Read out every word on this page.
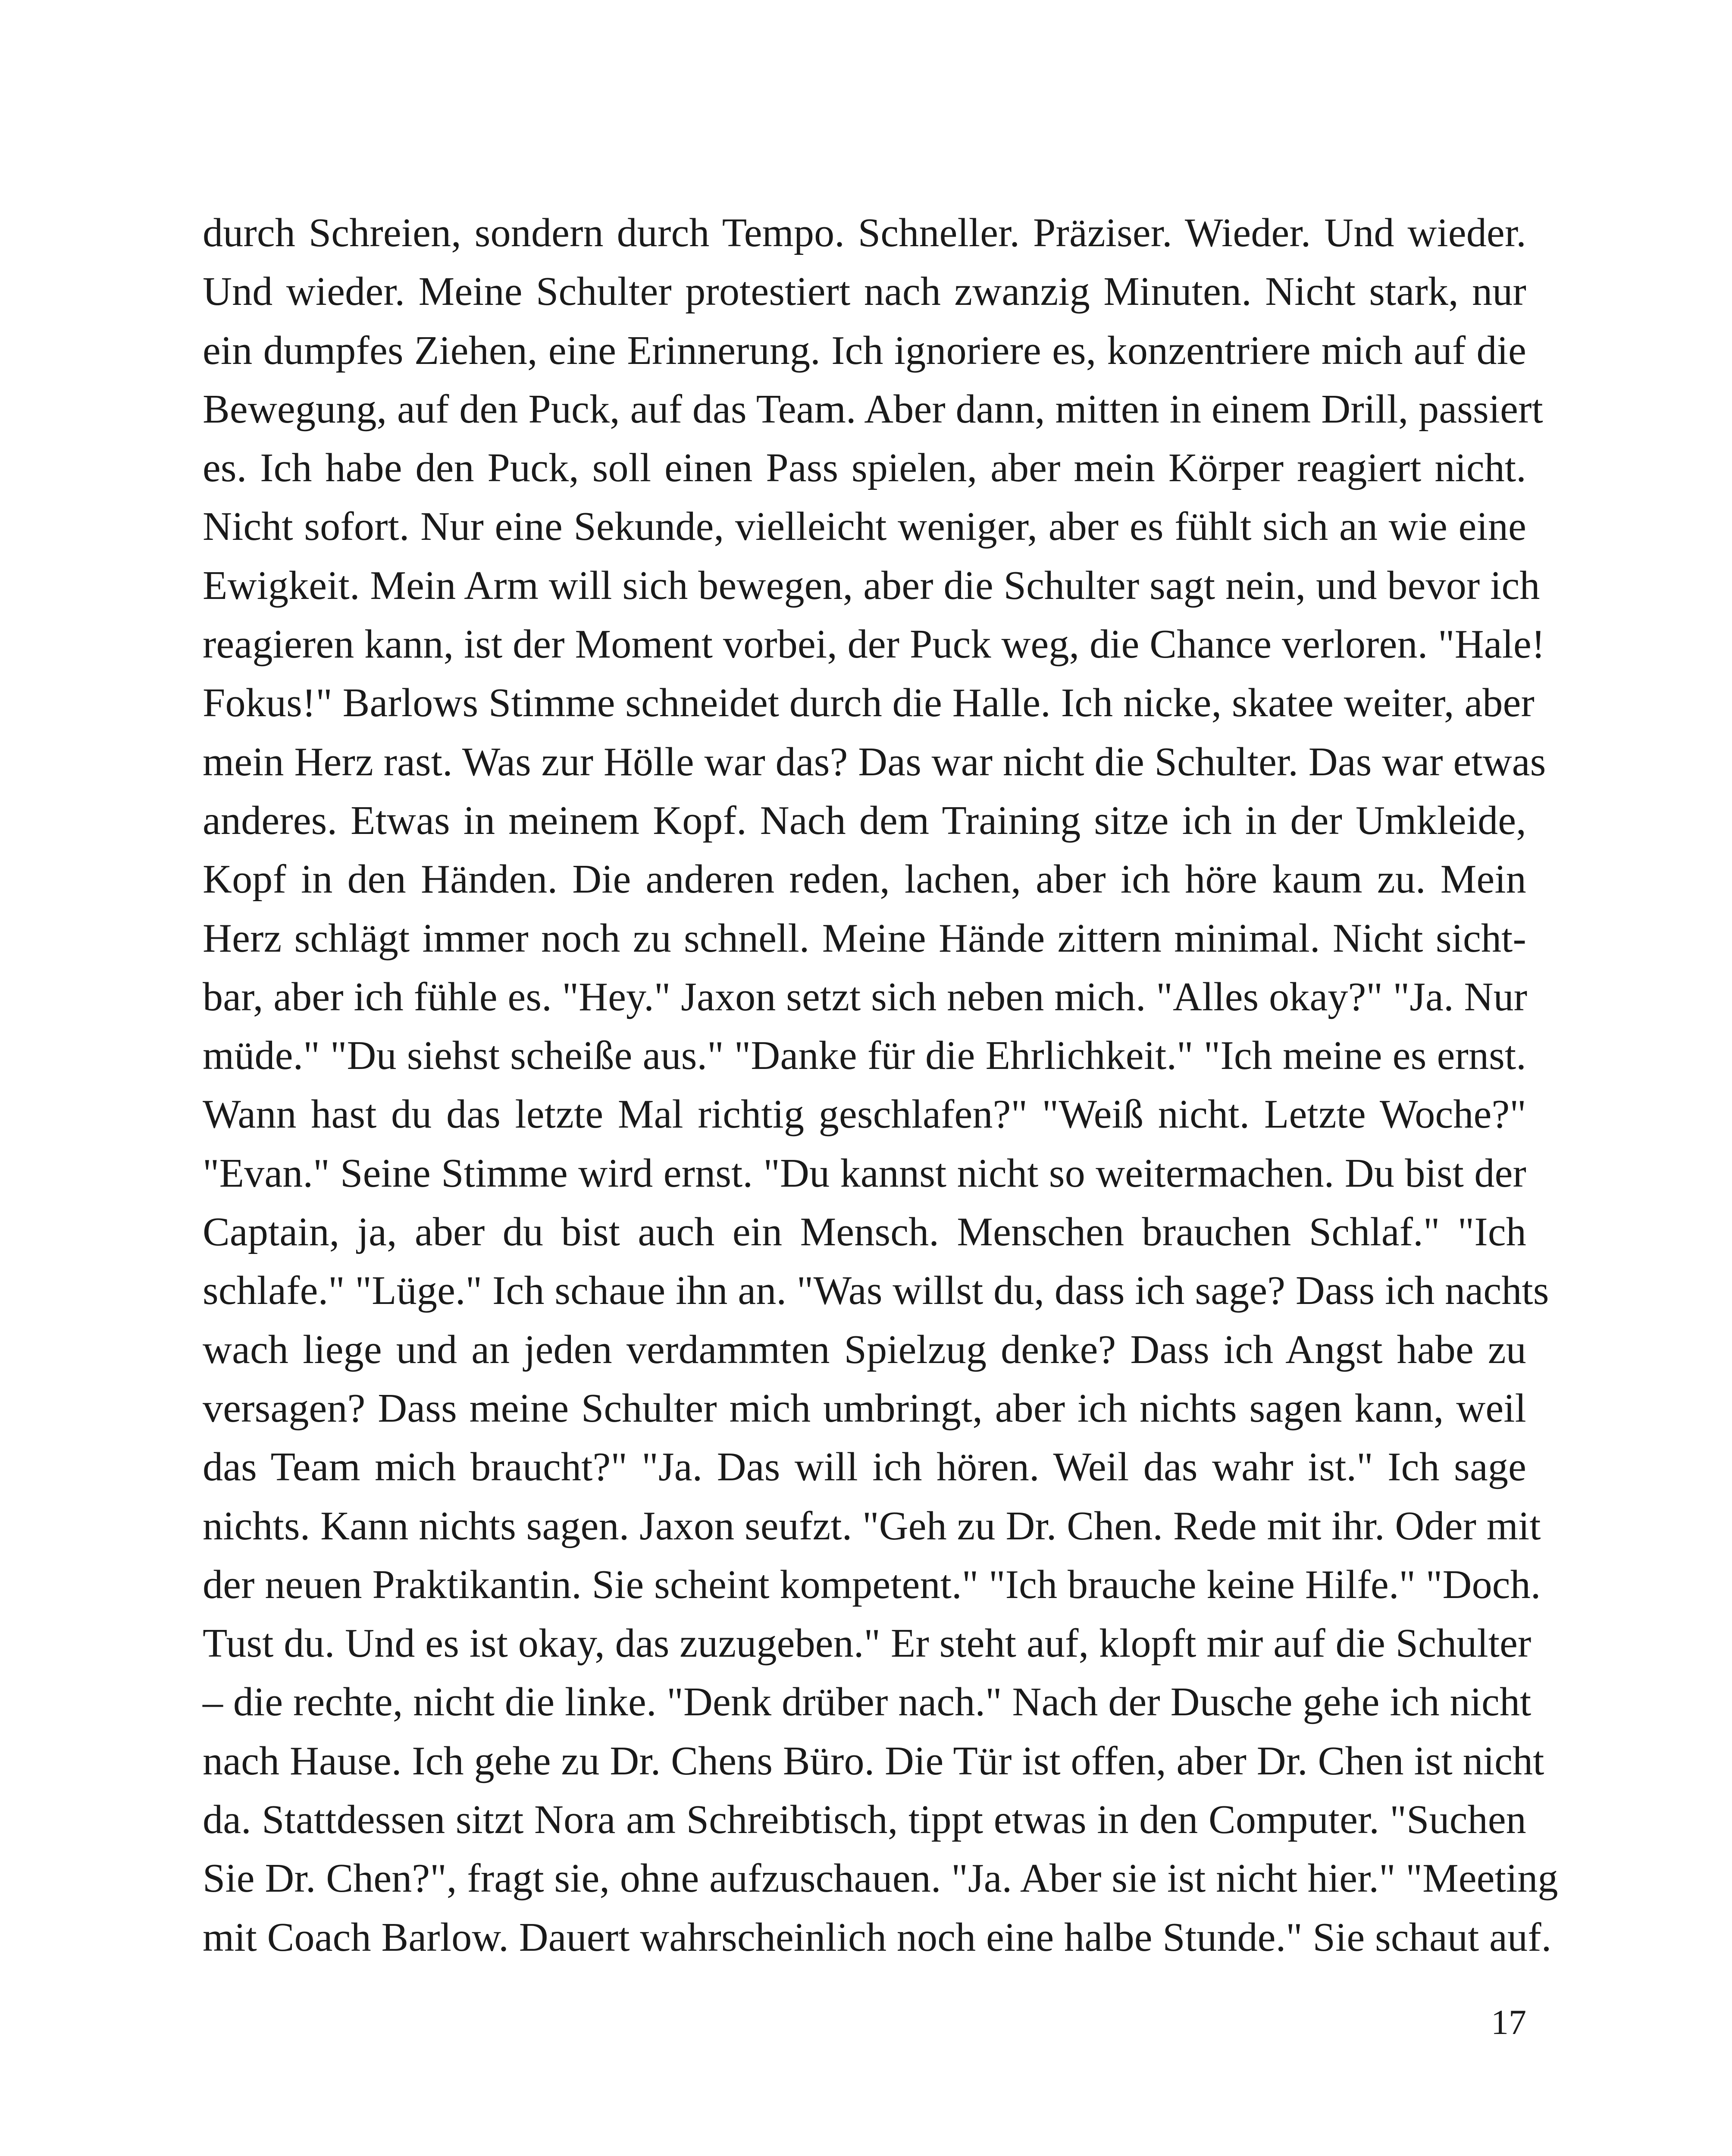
durch Schreien, sondern durch Tempo. Schneller. Präziser. Wieder. Und wieder.
Und wieder. Meine Schulter protestiert nach zwanzig Minuten. Nicht stark, nur
ein dumpfes Ziehen, eine Erinnerung. Ich ignoriere es, konzentriere mich auf die
Bewegung, auf den Puck, auf das Team. Aber dann, mitten in einem Drill, passiert
es. Ich habe den Puck, soll einen Pass spielen, aber mein Körper reagiert nicht.
Nicht sofort. Nur eine Sekunde, vielleicht weniger, aber es fühlt sich an wie eine
Ewigkeit. Mein Arm will sich bewegen, aber die Schulter sagt nein, und bevor ich
reagieren kann, ist der Moment vorbei, der Puck weg, die Chance verloren. "Hale!
Fokus!" Barlows Stimme schneidet durch die Halle. Ich nicke, skatee weiter, aber
mein Herz rast. Was zur Hölle war das? Das war nicht die Schulter. Das war etwas
anderes. Etwas in meinem Kopf. Nach dem Training sitze ich in der Umkleide,
Kopf in den Händen. Die anderen reden, lachen, aber ich höre kaum zu. Mein
Herz schlägt immer noch zu schnell. Meine Hände zittern minimal. Nicht sicht-
bar, aber ich fühle es. "Hey." Jaxon setzt sich neben mich. "Alles okay?" "Ja. Nur
müde." "Du siehst scheiße aus." "Danke für die Ehrlichkeit." "Ich meine es ernst.
Wann hast du das letzte Mal richtig geschlafen?" "Weiß nicht. Letzte Woche?"
"Evan." Seine Stimme wird ernst. "Du kannst nicht so weitermachen. Du bist der
Captain, ja, aber du bist auch ein Mensch. Menschen brauchen Schlaf." "Ich
schlafe." "Lüge." Ich schaue ihn an. "Was willst du, dass ich sage? Dass ich nachts
wach liege und an jeden verdammten Spielzug denke? Dass ich Angst habe zu
versagen? Dass meine Schulter mich umbringt, aber ich nichts sagen kann, weil
das Team mich braucht?" "Ja. Das will ich hören. Weil das wahr ist." Ich sage
nichts. Kann nichts sagen. Jaxon seufzt. "Geh zu Dr. Chen. Rede mit ihr. Oder mit
der neuen Praktikantin. Sie scheint kompetent." "Ich brauche keine Hilfe." "Doch.
Tust du. Und es ist okay, das zuzugeben." Er steht auf, klopft mir auf die Schulter
– die rechte, nicht die linke. "Denk drüber nach." Nach der Dusche gehe ich nicht
nach Hause. Ich gehe zu Dr. Chens Büro. Die Tür ist offen, aber Dr. Chen ist nicht
da. Stattdessen sitzt Nora am Schreibtisch, tippt etwas in den Computer. "Suchen
Sie Dr. Chen?", fragt sie, ohne aufzuschauen. "Ja. Aber sie ist nicht hier." "Meeting
mit Coach Barlow. Dauert wahrscheinlich noch eine halbe Stunde." Sie schaut auf.
17
